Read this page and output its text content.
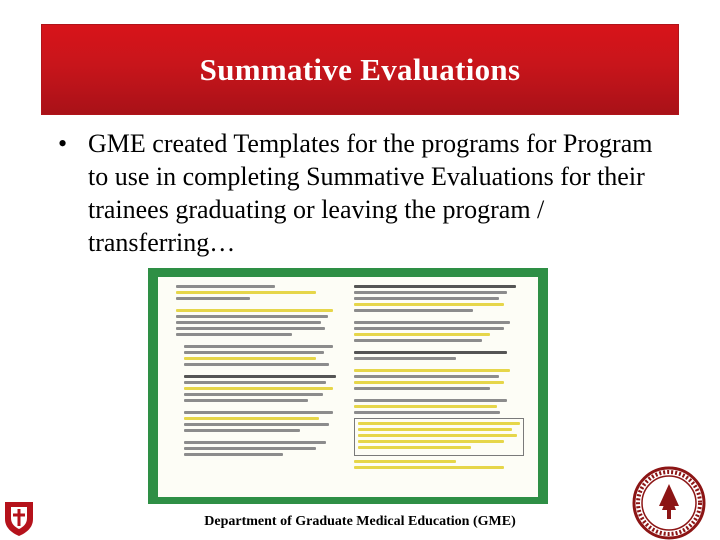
Summative Evaluations
• GME created Templates for the programs for Program to use in completing Summative Evaluations for their trainees graduating or leaving the program / transferring…
Department of Graduate Medical Education (GME)
